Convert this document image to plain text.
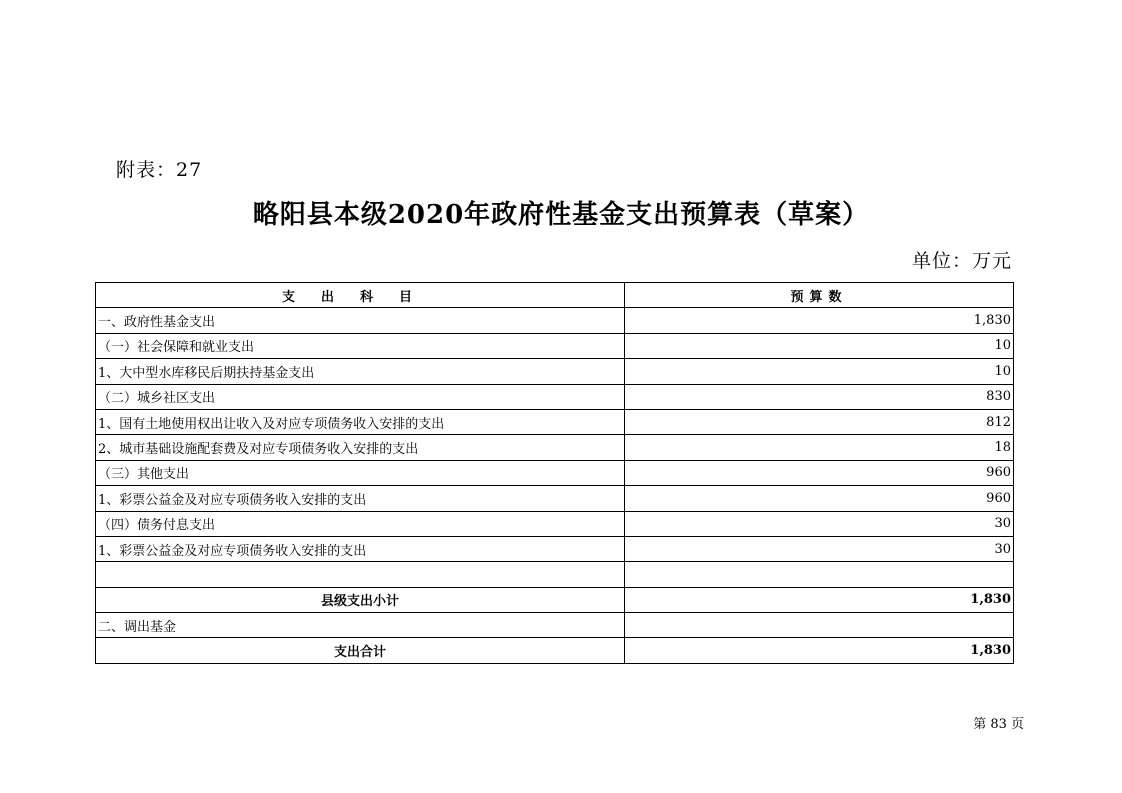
附表：27
略阳县本级2020年政府性基金支出预算表（草案）
单位：万元
支出科目	预算数
一、政府性基金支出	1,830
（一）社会保障和就业支出	10
1、大中型水库移民后期扶持基金支出	10
（二）城乡社区支出	830
1、国有土地使用权出让收入及对应专项债务收入安排的支出	812
2、城市基础设施配套费及对应专项债务收入安排的支出	18
（三）其他支出	960
1、彩票公益金及对应专项债务收入安排的支出	960
（四）债务付息支出	30
1、彩票公益金及对应专项债务收入安排的支出	30

县级支出小计	1,830
二、调出基金	
支出合计	1,830
第 83 页
